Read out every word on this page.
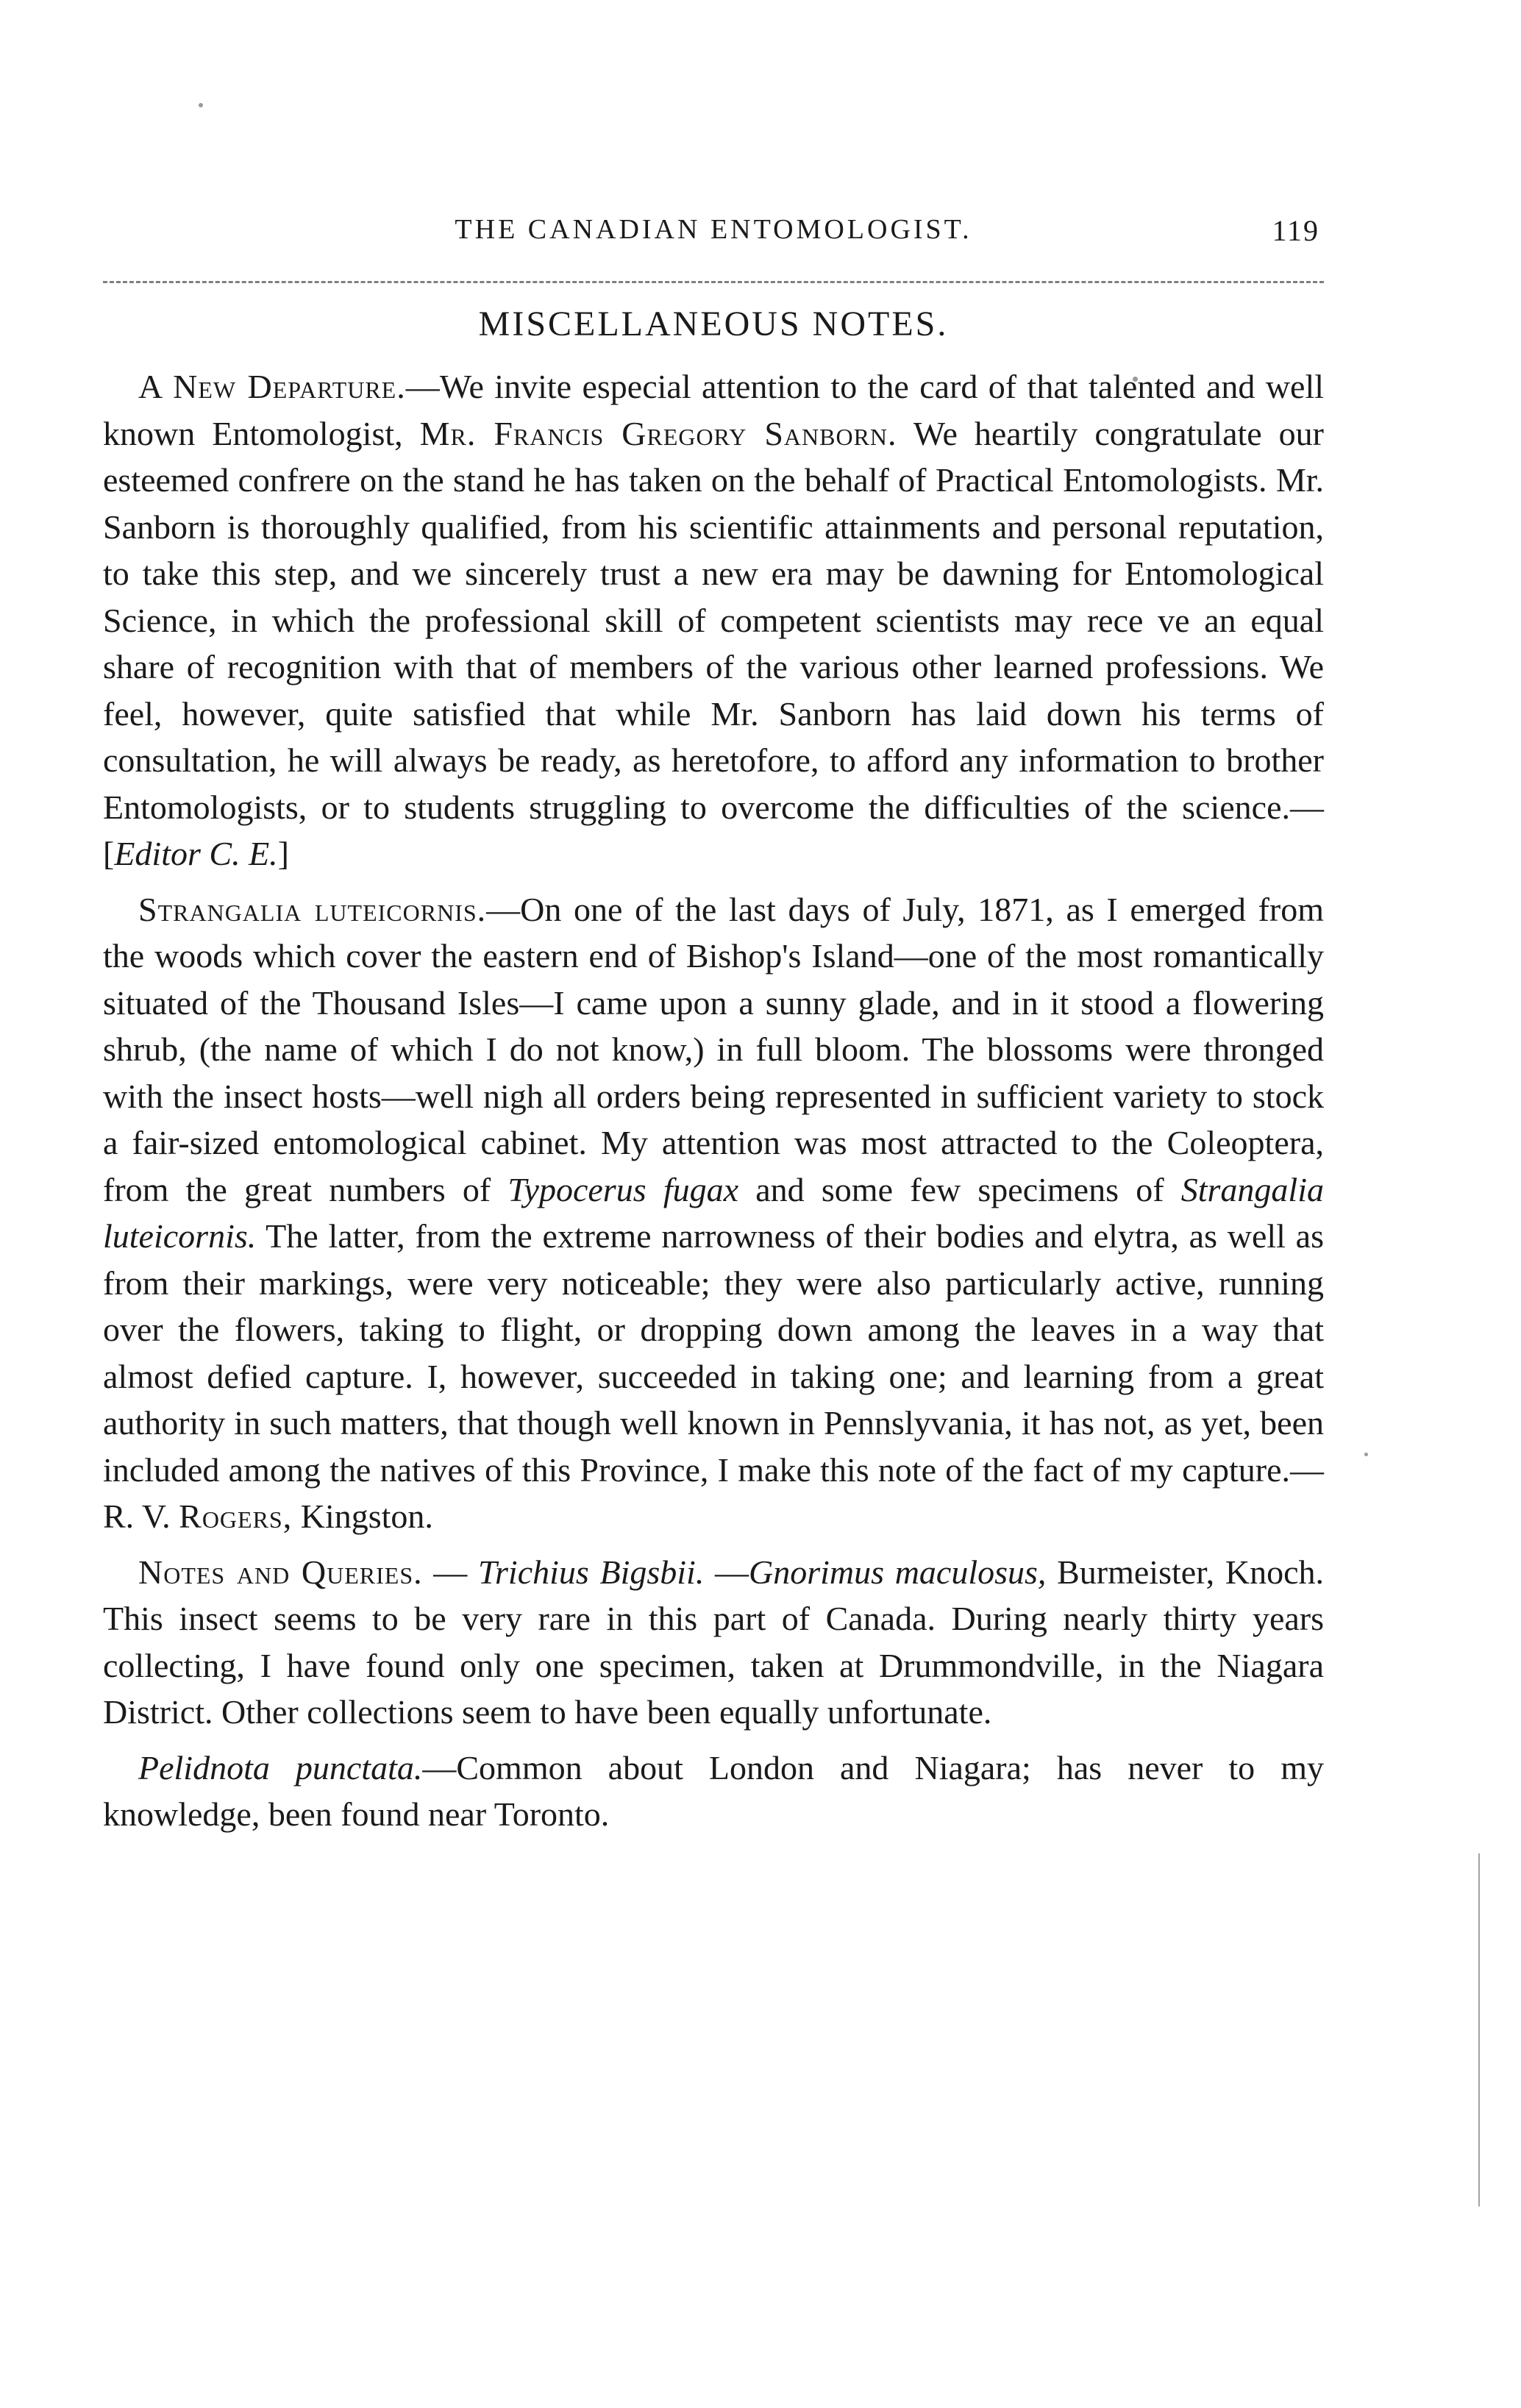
THE CANADIAN ENTOMOLOGIST.	119
MISCELLANEOUS NOTES.

A New Departure.—We invite especial attention to the card of that talented and well known Entomologist, Mr. Francis Gregory Sanborn. We heartily congratulate our esteemed confrere on the stand he has taken on the behalf of Practical Entomologists. Mr. Sanborn is thoroughly qualified, from his scientific attainments and personal reputation, to take this step, and we sincerely trust a new era may be dawning for Entomological Science, in which the professional skill of competent scientists may rece ve an equal share of recognition with that of members of the various other learned professions. We feel, however, quite satisfied that while Mr. Sanborn has laid down his terms of consultation, he will always be ready, as heretofore, to afford any information to brother Entomologists, or to students struggling to overcome the difficulties of the science.—[Editor C. E.]

Strangalia luteicornis.—On one of the last days of July, 1871, as I emerged from the woods which cover the eastern end of Bishop's Island—one of the most romantically situated of the Thousand Isles—I came upon a sunny glade, and in it stood a flowering shrub, (the name of which I do not know,) in full bloom. The blossoms were thronged with the insect hosts—well nigh all orders being represented in sufficient variety to stock a fair-sized entomological cabinet. My attention was most attracted to the Coleoptera, from the great numbers of Typocerus fugax and some few specimens of Strangalia luteicornis. The latter, from the extreme narrowness of their bodies and elytra, as well as from their markings, were very noticeable; they were also particularly active, running over the flowers, taking to flight, or dropping down among the leaves in a way that almost defied capture. I, however, succeeded in taking one; and learning from a great authority in such matters, that though well known in Pennslyvania, it has not, as yet, been included among the natives of this Province, I make this note of the fact of my capture.—R. V. Rogers, Kingston.

Notes and Queries. — Trichius Bigsbii. —Gnorimus maculosus, Burmeister, Knoch. This insect seems to be very rare in this part of Canada. During nearly thirty years collecting, I have found only one specimen, taken at Drummondville, in the Niagara District. Other collections seem to have been equally unfortunate.

Pelidnota punctata.—Common about London and Niagara; has never to my knowledge, been found near Toronto.
